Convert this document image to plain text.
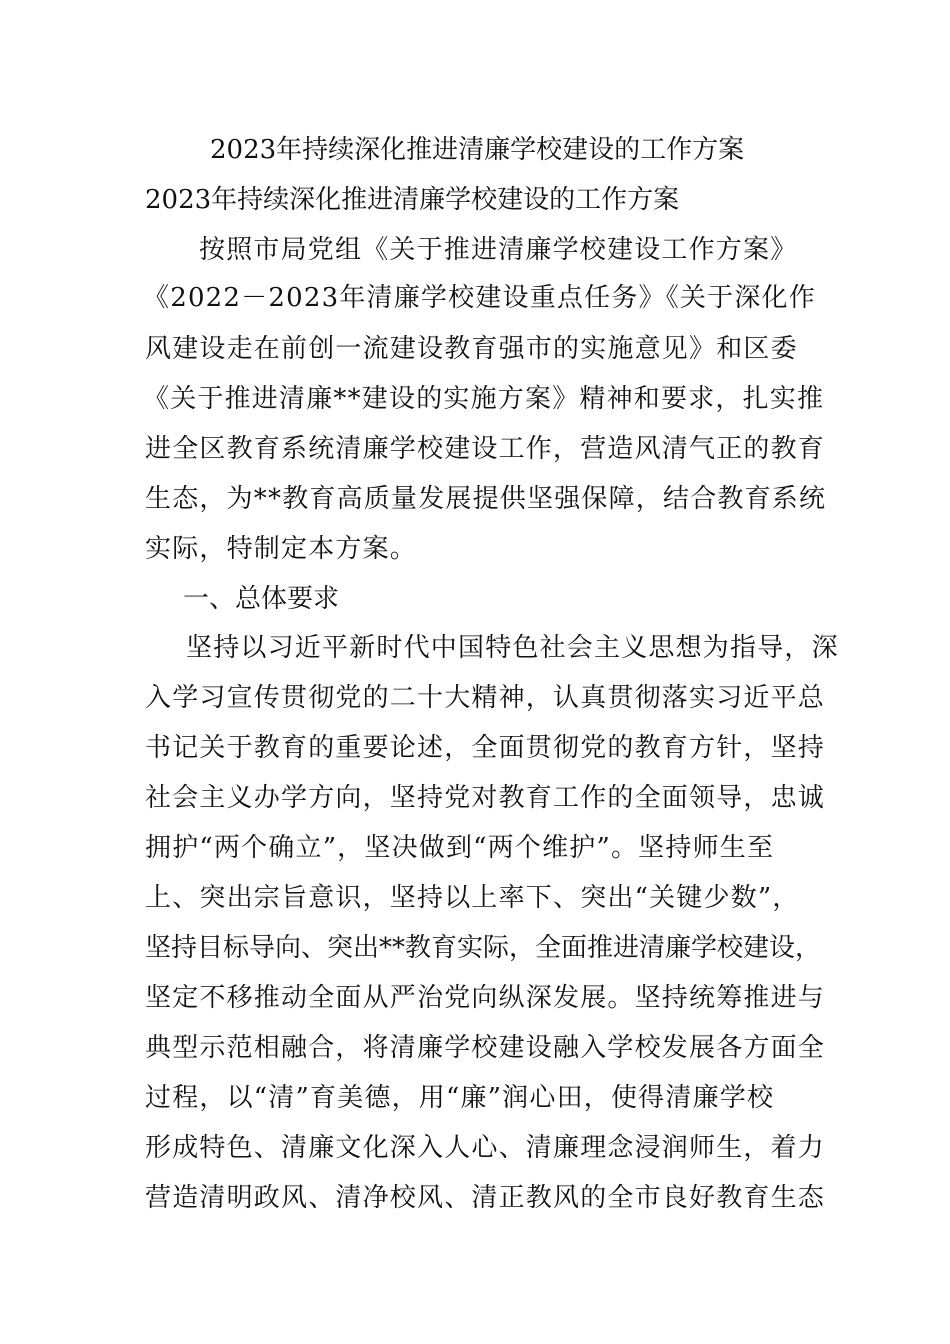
2023年持续深化推进清廉学校建设的工作方案
2023年持续深化推进清廉学校建设的工作方案
按照市局党组《关于推进清廉学校建设工作方案》
《2022－2023年清廉学校建设重点任务》《关于深化作
风建设走在前创一流建设教育强市的实施意见》和区委
《关于推进清廉**建设的实施方案》精神和要求，扎实推
进全区教育系统清廉学校建设工作，营造风清气正的教育
生态，为**教育高质量发展提供坚强保障，结合教育系统
实际，特制定本方案。
一、总体要求
坚持以习近平新时代中国特色社会主义思想为指导，深
入学习宣传贯彻党的二十大精神，认真贯彻落实习近平总
书记关于教育的重要论述，全面贯彻党的教育方针，坚持
社会主义办学方向，坚持党对教育工作的全面领导，忠诚
拥护“两个确立”，坚决做到“两个维护”。坚持师生至
上、突出宗旨意识，坚持以上率下、突出“关键少数”，
坚持目标导向、突出**教育实际，全面推进清廉学校建设，
坚定不移推动全面从严治党向纵深发展。坚持统筹推进与
典型示范相融合，将清廉学校建设融入学校发展各方面全
过程，以“清”育美德，用“廉”润心田，使得清廉学校
形成特色、清廉文化深入人心、清廉理念浸润师生，着力
营造清明政风、清净校风、清正教风的全市良好教育生态
